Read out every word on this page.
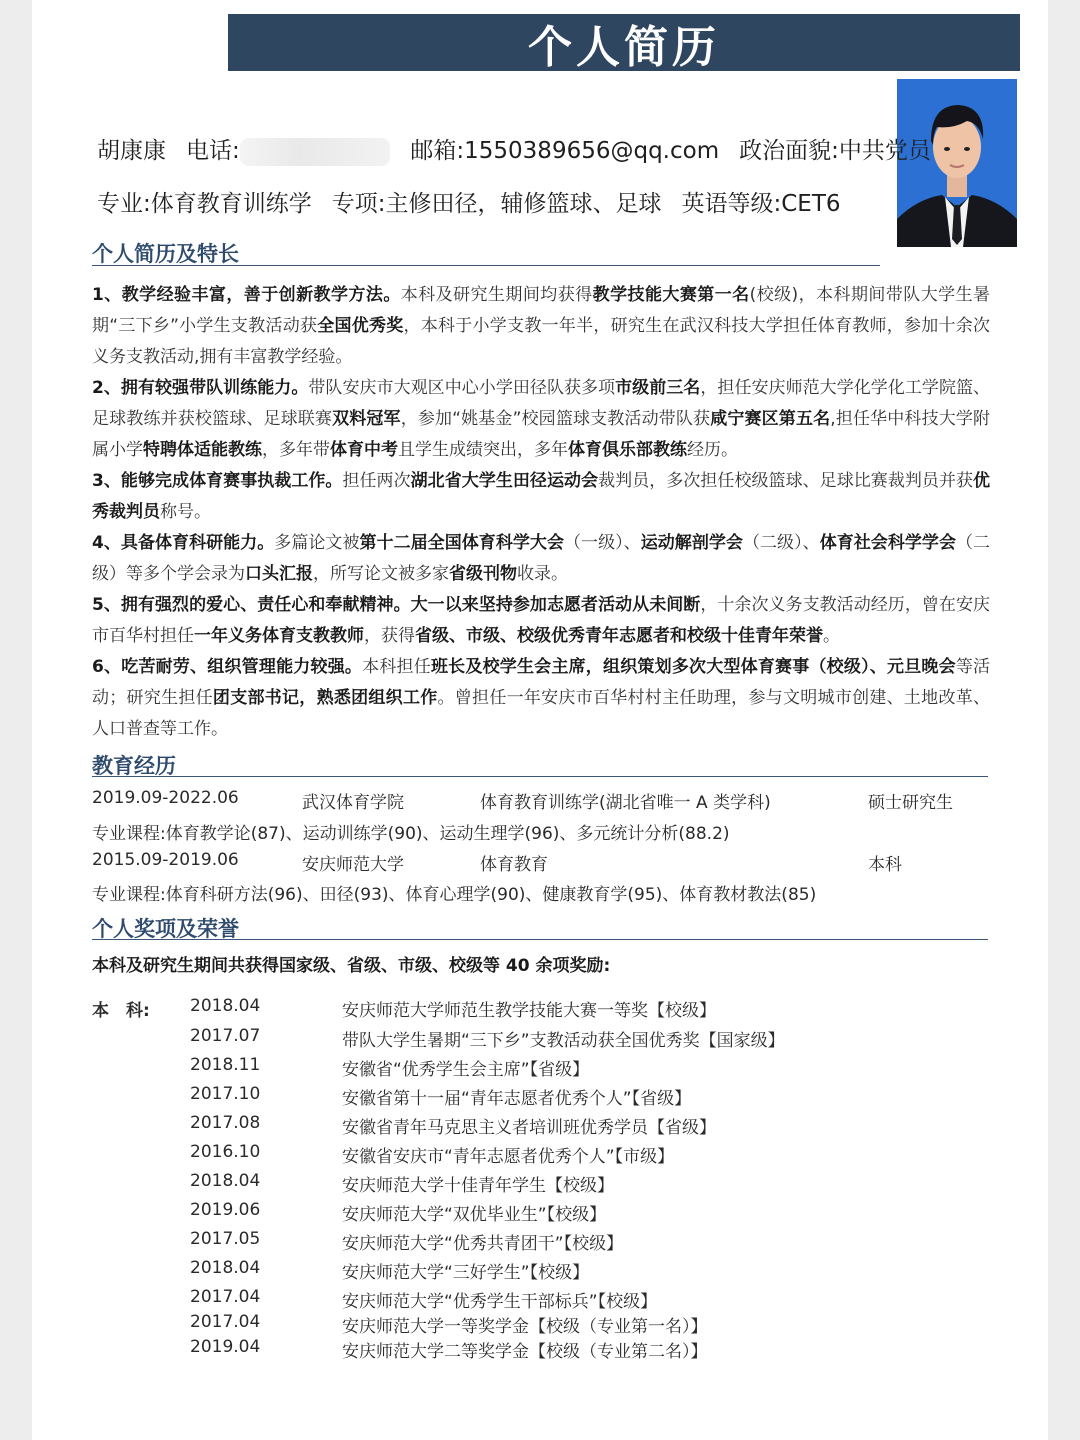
个人简历
胡康康 电话:	邮箱:1550389656@qq.com 政治面貌:中共党员
专业:体育教育训练学 专项:主修田径，辅修篮球、足球 英语等级:CET6
个人简历及特长

1、教学经验丰富，善于创新教学方法。本科及研究生期间均获得教学技能大赛第一名(校级)，本科期间带队大学生暑期“三下乡”小学生支教活动获全国优秀奖，本科于小学支教一年半，研究生在武汉科技大学担任体育教师，参加十余次义务支教活动,拥有丰富教学经验。

2、拥有较强带队训练能力。带队安庆市大观区中心小学田径队获多项市级前三名，担任安庆师范大学化学化工学院篮、足球教练并获校篮球、足球联赛双料冠军，参加“姚基金”校园篮球支教活动带队获咸宁赛区第五名,担任华中科技大学附属小学特聘体适能教练，多年带体育中考且学生成绩突出，多年体育俱乐部教练经历。

3、能够完成体育赛事执裁工作。担任两次湖北省大学生田径运动会裁判员，多次担任校级篮球、足球比赛裁判员并获优秀裁判员称号。

4、具备体育科研能力。多篇论文被第十二届全国体育科学大会（一级）、运动解剖学会（二级）、体育社会科学学会（二级）等多个学会录为口头汇报，所写论文被多家省级刊物收录。

5、拥有强烈的爱心、责任心和奉献精神。大一以来坚持参加志愿者活动从未间断，十余次义务支教活动经历，曾在安庆市百华村担任一年义务体育支教教师，获得省级、市级、校级优秀青年志愿者和校级十佳青年荣誉。

6、吃苦耐劳、组织管理能力较强。本科担任班长及校学生会主席，组织策划多次大型体育赛事（校级）、元旦晚会等活动；研究生担任团支部书记，熟悉团组织工作。曾担任一年安庆市百华村村主任助理，参与文明城市创建、土地改革、人口普查等工作。

教育经历
2019.09-2022.06	武汉体育学院	体育教育训练学(湖北省唯一 A 类学科)	硕士研究生
专业课程:体育教学论(87)、运动训练学(90)、运动生理学(96)、多元统计分析(88.2)
2015.09-2019.06	安庆师范大学	体育教育	本科
专业课程:体育科研方法(96)、田径(93)、体育心理学(90)、健康教育学(95)、体育教材教法(85)
个人奖项及荣誉
本科及研究生期间共获得国家级、省级、市级、校级等 40 余项奖励:
本　科: 2018.04	安庆师范大学师范生教学技能大赛一等奖【校级】
2017.07	带队大学生暑期“三下乡”支教活动获全国优秀奖【国家级】
2018.11	安徽省“优秀学生会主席”【省级】
2017.10	安徽省第十一届“青年志愿者优秀个人”【省级】
2017.08	安徽省青年马克思主义者培训班优秀学员【省级】
2016.10	安徽省安庆市“青年志愿者优秀个人”【市级】
2018.04	安庆师范大学十佳青年学生【校级】
2019.06	安庆师范大学“双优毕业生”【校级】
2017.05	安庆师范大学“优秀共青团干”【校级】
2018.04	安庆师范大学“三好学生”【校级】
2017.04	安庆师范大学“优秀学生干部标兵”【校级】
2017.04	安庆师范大学一等奖学金【校级（专业第一名）】
2019.04	安庆师范大学二等奖学金【校级（专业第二名）】
